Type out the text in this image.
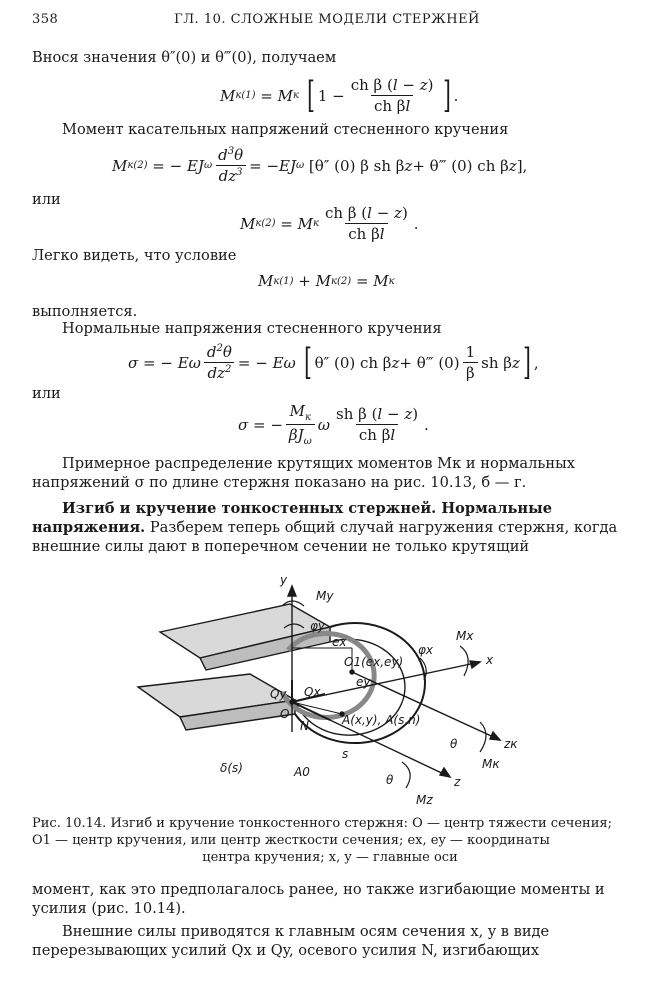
358	ГЛ. 10. СЛОЖНЫЕ МОДЕЛИ СТЕРЖНЕЙ
Внося значения θ″(0) и θ‴(0), получаем
M к (1)
= M к
[ $1 - \frac{\text{ch β (l − z)}}{\text{ch βl}}$ ] .
Момент касательных напряжений стесненного кручения
M к (2)
= − EJ ω $\frac{d^3\theta}{dz^3}$ = − EJ ω
[θ″ (0) β sh β z + θ‴ (0) ch β z ],
или
M к (2)
= M к $\frac{\text{ch β (l − z)}}{\text{ch βl}}$ .
Легко видеть, что условие
M к (1)
+ M к (2)
= M к
выполняется.
Нормальные напряжения стесненного кручения
σ = − Eω $\frac{d^2\theta}{dz^2}$ = − Eω [ θ″ (0) ch β z + θ‴ $(0) \frac{1}{\beta}$ sh β z ] ,
или
σ = − $\frac{M_к}{\beta J_\omega}$ ω $\frac{\text{sh β (l − z)}}{\text{ch βl}}$ .
Примерное распределение крутящих моментов Mк и нормальных напряжений σ по длине стержня показано на рис. 10.13, б — г.
Изгиб и кручение тонкостенных стержней. Нормальные напряжения. Разберем теперь общий случай нагружения стержня, когда внешние силы дают в поперечном сечении не только крутящий
y
My
φy
ex
O1(ex,ey)
φx
Mx
x
ey
Qy Qx
O
N	A(x,y), A(s,n)
θ	zк
Mк
δ(s)
s
A0
θ	z
Mz
Рис. 10.14. Изгиб и кручение тонкостенного стержня: O — центр тяжести сечения; O1 — центр кручения, или центр жесткости сечения; ex, ey — координаты
центра кручения; x, y — главные оси
момент, как это предполагалось ранее, но также изгибающие моменты и усилия (рис. 10.14).
Внешние силы приводятся к главным осям сечения x, y в виде перерезывающих усилий Qx и Qy, осевого усилия N, изгибающих
